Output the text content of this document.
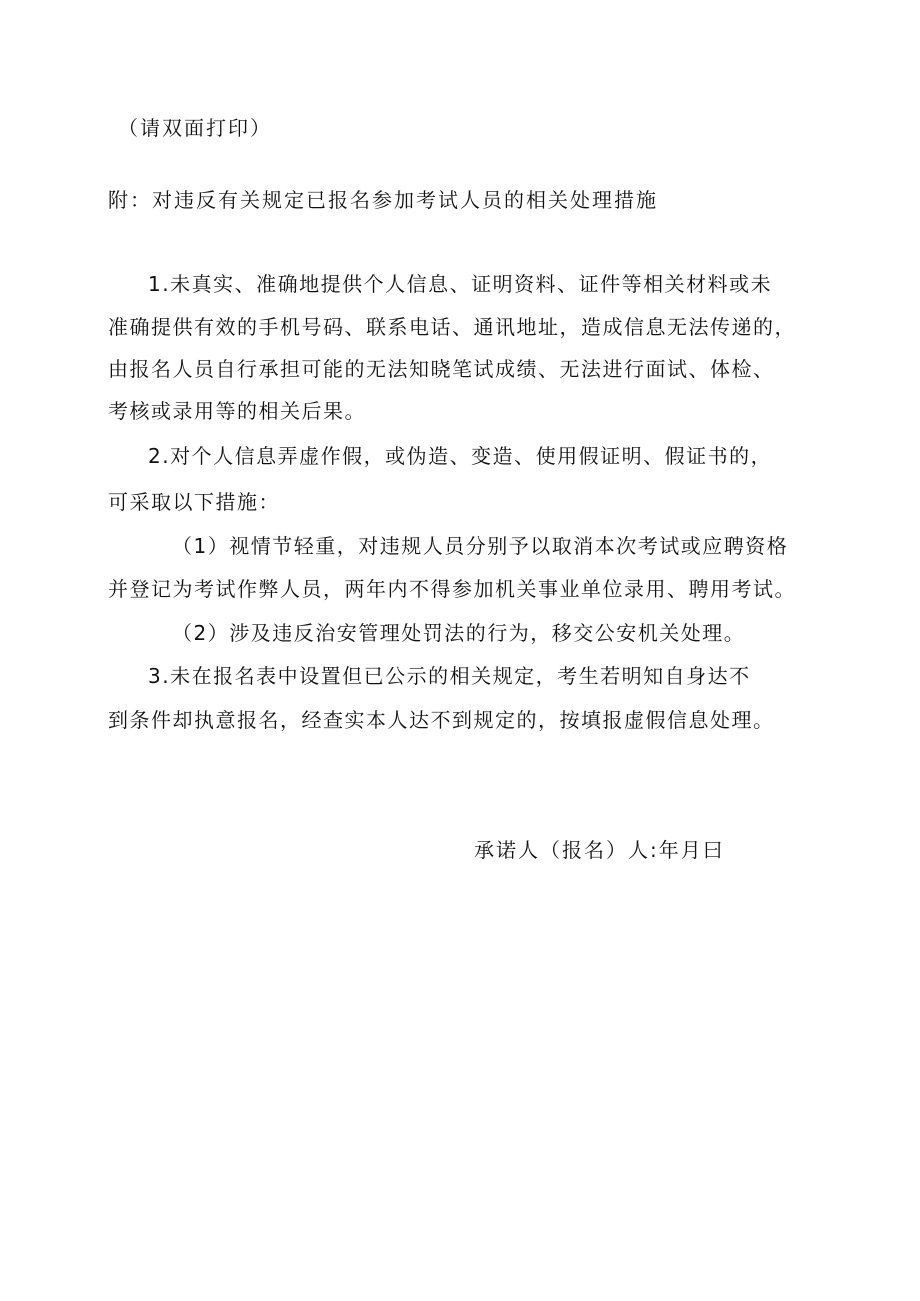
（请双面打印）
附：对违反有关规定已报名参加考试人员的相关处理措施
1.未真实、准确地提供个人信息、证明资料、证件等相关材料或未
准确提供有效的手机号码、联系电话、通讯地址，造成信息无法传递的，
由报名人员自行承担可能的无法知晓笔试成绩、无法进行面试、体检、
考核或录用等的相关后果。
2.对个人信息弄虚作假，或伪造、变造、使用假证明、假证书的，
可采取以下措施：
（1）视情节轻重，对违规人员分别予以取消本次考试或应聘资格
并登记为考试作弊人员，两年内不得参加机关事业单位录用、聘用考试。
（2）涉及违反治安管理处罚法的行为，移交公安机关处理。
3.未在报名表中设置但已公示的相关规定，考生若明知自身达不
到条件却执意报名，经查实本人达不到规定的，按填报虚假信息处理。
承诺人（报名）人:年月曰
